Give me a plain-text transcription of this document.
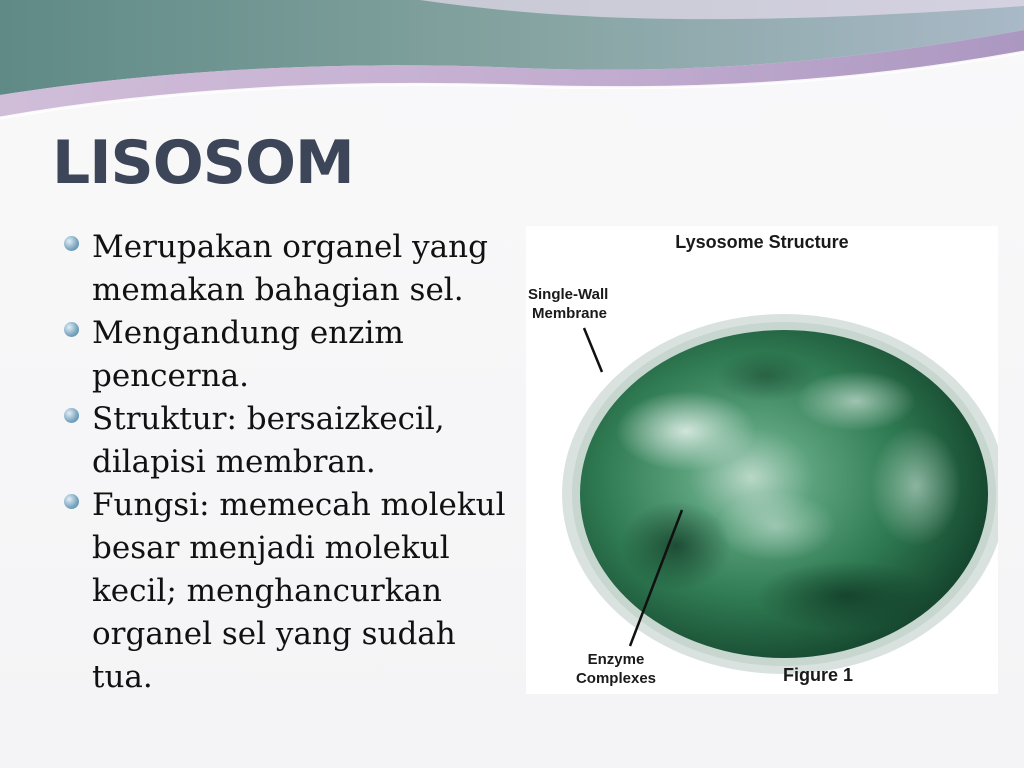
LISOSOM
Merupakan organel yang memakan bahagian sel.
Mengandung enzim pencerna.
Struktur: bersaizkecil, dilapisi membran.
Fungsi: memecah molekul besar menjadi molekul kecil; menghancurkan organel sel yang sudah tua.
Lysosome Structure
Single-Wall
Membrane
Enzyme
Complexes	Figure 1
